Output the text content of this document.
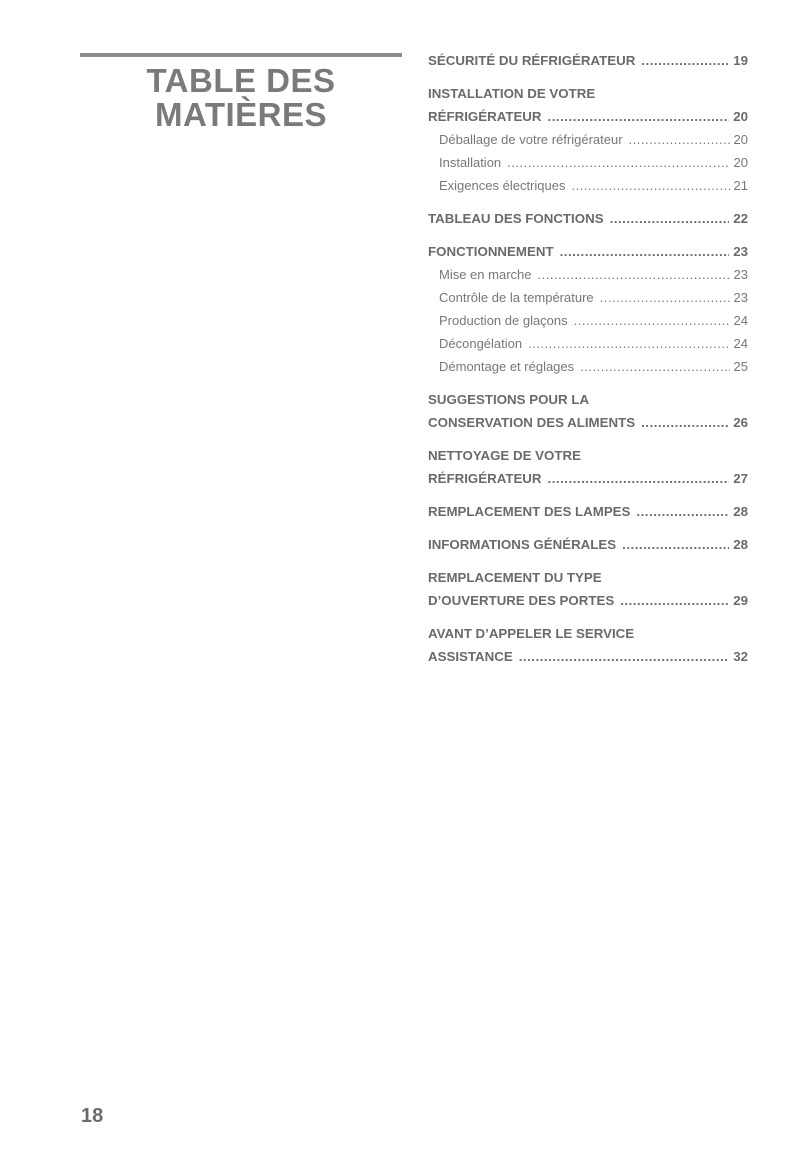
TABLE DES
MATIÈRES
SÉCURITÉ DU RÉFRIGÉRATEUR .....	19
INSTALLATION DE VOTRE
RÉFRIGÉRATEUR .....	20
Déballage de votre réfrigérateur .....	20
Installation .....	20
Exigences électriques .....	21
TABLEAU DES FONCTIONS .....	22
FONCTIONNEMENT .....	23
Mise en marche .....	23
Contrôle de la température .....	23
Production de glaçons .....	24
Décongélation .....	24
Démontage et réglages .....	25
SUGGESTIONS POUR LA
CONSERVATION DES ALIMENTS .....	26
NETTOYAGE DE VOTRE
RÉFRIGÉRATEUR .....	27
REMPLACEMENT DES LAMPES .....	28
INFORMATIONS GÉNÉRALES .....	28
REMPLACEMENT DU TYPE
D’OUVERTURE DES PORTES .....	29
AVANT D’APPELER LE SERVICE
ASSISTANCE .....	32
18
